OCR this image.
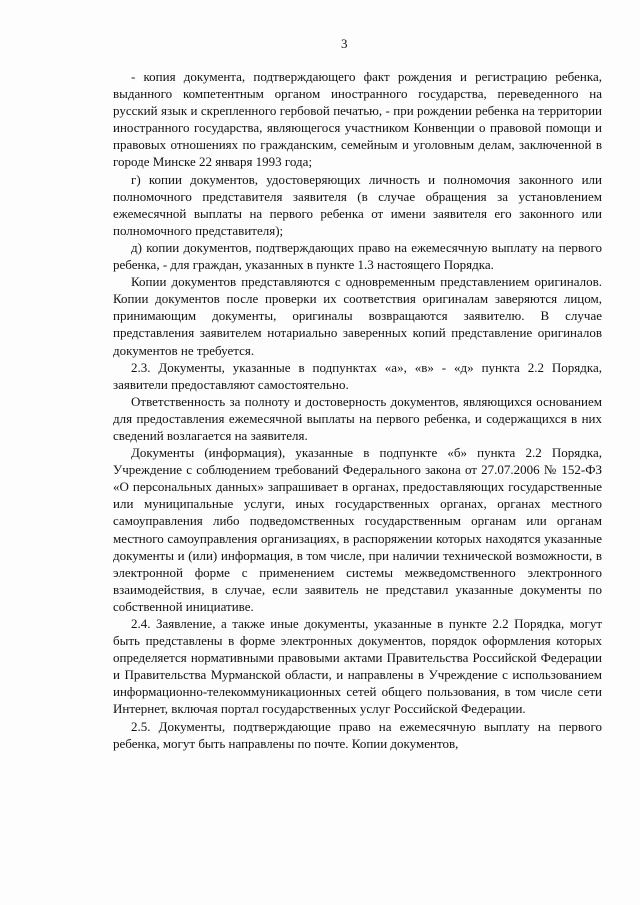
3

- копия документа, подтверждающего факт рождения и регистрацию ребенка, выданного компетентным органом иностранного государства, переведенного на русский язык и скрепленного гербовой печатью, - при рождении ребенка на территории иностранного государства, являющегося участником Конвенции о правовой помощи и правовых отношениях по гражданским, семейным и уголовным делам, заключенной в городе Минске 22 января 1993 года;

г) копии документов, удостоверяющих личность и полномочия законного или полномочного представителя заявителя (в случае обращения за установлением ежемесячной выплаты на первого ребенка от имени заявителя его законного или полномочного представителя);

д) копии документов, подтверждающих право на ежемесячную выплату на первого ребенка, - для граждан, указанных в пункте 1.3 настоящего Порядка.

Копии документов представляются с одновременным представлением оригиналов. Копии документов после проверки их соответствия оригиналам заверяются лицом, принимающим документы, оригиналы возвращаются заявителю. В случае представления заявителем нотариально заверенных копий представление оригиналов документов не требуется.

2.3. Документы, указанные в подпунктах «а», «в» - «д» пункта 2.2 Порядка, заявители предоставляют самостоятельно.

Ответственность за полноту и достоверность документов, являющихся основанием для предоставления ежемесячной выплаты на первого ребенка, и содержащихся в них сведений возлагается на заявителя.

Документы (информация), указанные в подпункте «б» пункта 2.2 Порядка, Учреждение с соблюдением требований Федерального закона от 27.07.2006 № 152-ФЗ «О персональных данных» запрашивает в органах, предоставляющих государственные или муниципальные услуги, иных государственных органах, органах местного самоуправления либо подведомственных государственным органам или органам местного самоуправления организациях, в распоряжении которых находятся указанные документы и (или) информация, в том числе, при наличии технической возможности, в электронной форме с применением системы межведомственного электронного взаимодействия, в случае, если заявитель не представил указанные документы по собственной инициативе.

2.4. Заявление, а также иные документы, указанные в пункте 2.2 Порядка, могут быть представлены в форме электронных документов, порядок оформления которых определяется нормативными правовыми актами Правительства Российской Федерации и Правительства Мурманской области, и направлены в Учреждение с использованием информационно-телекоммуникационных сетей общего пользования, в том числе сети Интернет, включая портал государственных услуг Российской Федерации.

2.5. Документы, подтверждающие право на ежемесячную выплату на первого ребенка, могут быть направлены по почте. Копии документов,
